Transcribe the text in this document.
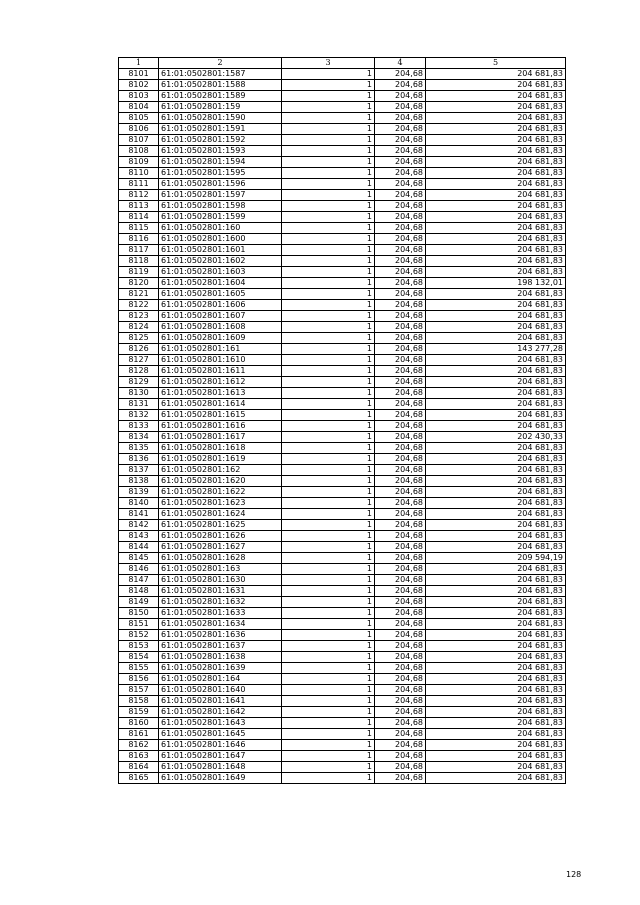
1	2	3	4	5
8101	61:01:0502801:1587	1	204,68	204 681,83
8102	61:01:0502801:1588	1	204,68	204 681,83
8103	61:01:0502801:1589	1	204,68	204 681,83
8104	61:01:0502801:159	1	204,68	204 681,83
8105	61:01:0502801:1590	1	204,68	204 681,83
8106	61:01:0502801:1591	1	204,68	204 681,83
8107	61:01:0502801:1592	1	204,68	204 681,83
8108	61:01:0502801:1593	1	204,68	204 681,83
8109	61:01:0502801:1594	1	204,68	204 681,83
8110	61:01:0502801:1595	1	204,68	204 681,83
8111	61:01:0502801:1596	1	204,68	204 681,83
8112	61:01:0502801:1597	1	204,68	204 681,83
8113	61:01:0502801:1598	1	204,68	204 681,83
8114	61:01:0502801:1599	1	204,68	204 681,83
8115	61:01:0502801:160	1	204,68	204 681,83
8116	61:01:0502801:1600	1	204,68	204 681,83
8117	61:01:0502801:1601	1	204,68	204 681,83
8118	61:01:0502801:1602	1	204,68	204 681,83
8119	61:01:0502801:1603	1	204,68	204 681,83
8120	61:01:0502801:1604	1	204,68	198 132,01
8121	61:01:0502801:1605	1	204,68	204 681,83
8122	61:01:0502801:1606	1	204,68	204 681,83
8123	61:01:0502801:1607	1	204,68	204 681,83
8124	61:01:0502801:1608	1	204,68	204 681,83
8125	61:01:0502801:1609	1	204,68	204 681,83
8126	61:01:0502801:161	1	204,68	143 277,28
8127	61:01:0502801:1610	1	204,68	204 681,83
8128	61:01:0502801:1611	1	204,68	204 681,83
8129	61:01:0502801:1612	1	204,68	204 681,83
8130	61:01:0502801:1613	1	204,68	204 681,83
8131	61:01:0502801:1614	1	204,68	204 681,83
8132	61:01:0502801:1615	1	204,68	204 681,83
8133	61:01:0502801:1616	1	204,68	204 681,83
8134	61:01:0502801:1617	1	204,68	202 430,33
8135	61:01:0502801:1618	1	204,68	204 681,83
8136	61:01:0502801:1619	1	204,68	204 681,83
8137	61:01:0502801:162	1	204,68	204 681,83
8138	61:01:0502801:1620	1	204,68	204 681,83
8139	61:01:0502801:1622	1	204,68	204 681,83
8140	61:01:0502801:1623	1	204,68	204 681,83
8141	61:01:0502801:1624	1	204,68	204 681,83
8142	61:01:0502801:1625	1	204,68	204 681,83
8143	61:01:0502801:1626	1	204,68	204 681,83
8144	61:01:0502801:1627	1	204,68	204 681,83
8145	61:01:0502801:1628	1	204,68	209 594,19
8146	61:01:0502801:163	1	204,68	204 681,83
8147	61:01:0502801:1630	1	204,68	204 681,83
8148	61:01:0502801:1631	1	204,68	204 681,83
8149	61:01:0502801:1632	1	204,68	204 681,83
8150	61:01:0502801:1633	1	204,68	204 681,83
8151	61:01:0502801:1634	1	204,68	204 681,83
8152	61:01:0502801:1636	1	204,68	204 681,83
8153	61:01:0502801:1637	1	204,68	204 681,83
8154	61:01:0502801:1638	1	204,68	204 681,83
8155	61:01:0502801:1639	1	204,68	204 681,83
8156	61:01:0502801:164	1	204,68	204 681,83
8157	61:01:0502801:1640	1	204,68	204 681,83
8158	61:01:0502801:1641	1	204,68	204 681,83
8159	61:01:0502801:1642	1	204,68	204 681,83
8160	61:01:0502801:1643	1	204,68	204 681,83
8161	61:01:0502801:1645	1	204,68	204 681,83
8162	61:01:0502801:1646	1	204,68	204 681,83
8163	61:01:0502801:1647	1	204,68	204 681,83
8164	61:01:0502801:1648	1	204,68	204 681,83
8165	61:01:0502801:1649	1	204,68	204 681,83
128
